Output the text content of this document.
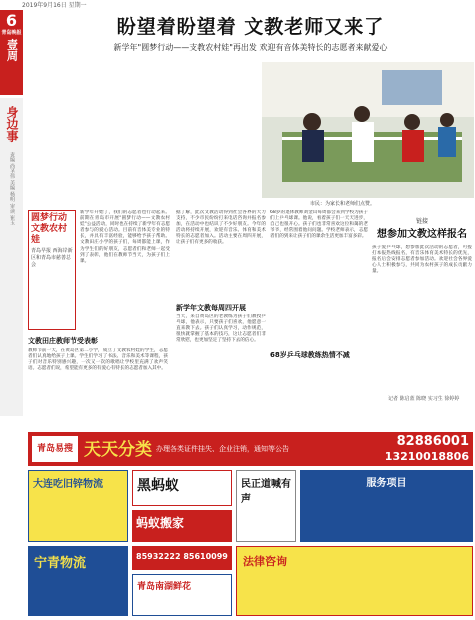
2019年9月16日 星期一
6
青岛晚报
壹周
身边事
责编 尚圣伟 美编 杨明 审读 崔玉
盼望着盼望着 文教老师又来了
新学年"圆梦行动——支教农村娃"再出发 欢迎有音体美特长的志愿者来献爱心
市民：为家长和老师们点赞。
圆梦行动 文教农村娃
青岛早报 西海岸新区和青岛市慈善总会
新学年开始了，我们的志愿者也行动起来。前期在青岛市开展"圆梦行动——文教农村娃"公益活动，同时也在持续了新学年有志愿者参与的爱心活动。目前有音体美专业的特长，并具有丰富经验，能够给予孩子帮助。文教田庄小学的孩子们，每周都能上课，作为学生们的好朋友，志愿者们和老师一起受到了表彰，他们在教师节当天，为孩子们上课。
文教田庄教师节受表彰
教师节前一天，在黄岛区第二小学，成立了文教农村娃的学生，志愿者们认真地给孩子上课。学生们学习了书法、音乐和美术等课程，孩子们对音乐特别感兴趣，一次又一次的歌唱让学校里充满了欢声笑语。志愿者们说，希望能有更多的有爱心有特长的志愿者加入其中。
据了解，此次文教活动得到社会各界的大力支持，不少市民纷纷打来电话咨询并报名参加，在活动中也结识了不少好朋友。今年的活动将持续开展，欢迎有音乐、体育和美术特长的志愿者加入。活动主要在周四开展，让孩子们有更多的收获。
新学年文教每周四开展
当天，来自黄岛区的老教练为孩子们教授乒乓球，他表示，只要孩子们喜欢，他愿意一直来教下去。孩子们认真学习，动作规范，很快就掌握了基本的技巧，这让志愿者们非常欣慰，也更加坚定了坚持下去的信心。
68岁的退休教师刘金山每周都会来到学校为孩子们上乒乓球课。他说，看着孩子们一天天进步，自己也很开心。孩子们也非常喜欢这位和蔼的老爷爷，经常围着他问问题。学校老师表示，志愿者们的到来让孩子们的课余生活更加丰富多彩。
68岁乒乓球教练热情不减
链接
想参加文教这样报名
孩子爱乒乓球，想参加此次活动的志愿者，可拨打本报热线报名，有音乐体育美术特长的优先，报名后会安排志愿者参加活动。欢迎社会各界爱心人士积极参与，共同为农村孩子的成长贡献力量。
记者 陈启蓝 陈晓 实习生 徐婷婷
青岛易搜 天天分类 办理各类证件挂失、企业注销，通知等公告	82886001
13210018806
大连吃旧锌物流
宁青物流
黑蚂蚁
蚂蚁搬家
85932222 85610099
青岛南湖鲜花
民正道喊有声
服务项目
法律咨询
